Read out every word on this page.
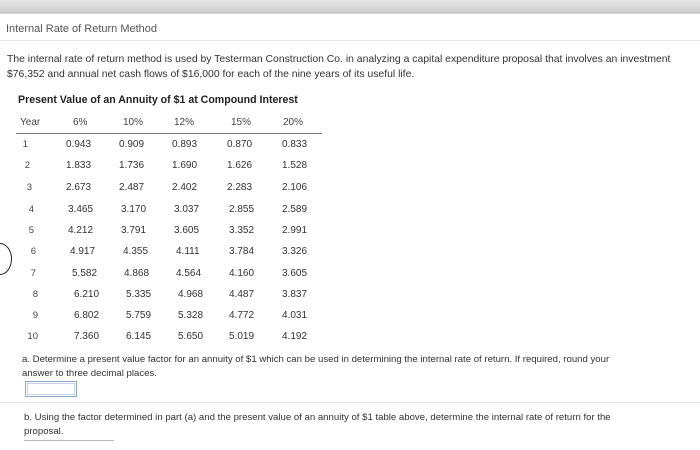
Internal Rate of Return Method
The internal rate of return method is used by Testerman Construction Co. in analyzing a capital expenditure proposal that involves an investment
$76,352 and annual net cash flows of $16,000 for each of the nine years of its useful life.
Present Value of an Annuity of $1 at Compound Interest
Year	6%	10%	12%	15%	20%
1	0.943	0.909	0.893	0.870	0.833
2	1.833	1.736	1.690	1.626	1.528
3	2.673	2.487	2.402	2.283	2.106
4	3.465	3.170	3.037	2.855	2.589
5	4.212	3.791	3.605	3.352	2.991
6	4.917	4.355	4.111	3.784	3.326
7	5.582	4.868	4.564	4.160	3.605
8	6.210	5.335	4.968	4.487	3.837
9	6.802	5.759	5.328	4.772	4.031
10	7.360	6.145	5.650	5.019	4.192
a. Determine a present value factor for an annuity of $1 which can be used in determining the internal rate of return. If required, round your
answer to three decimal places.
b. Using the factor determined in part (a) and the present value of an annuity of $1 table above, determine the internal rate of return for the
proposal.
